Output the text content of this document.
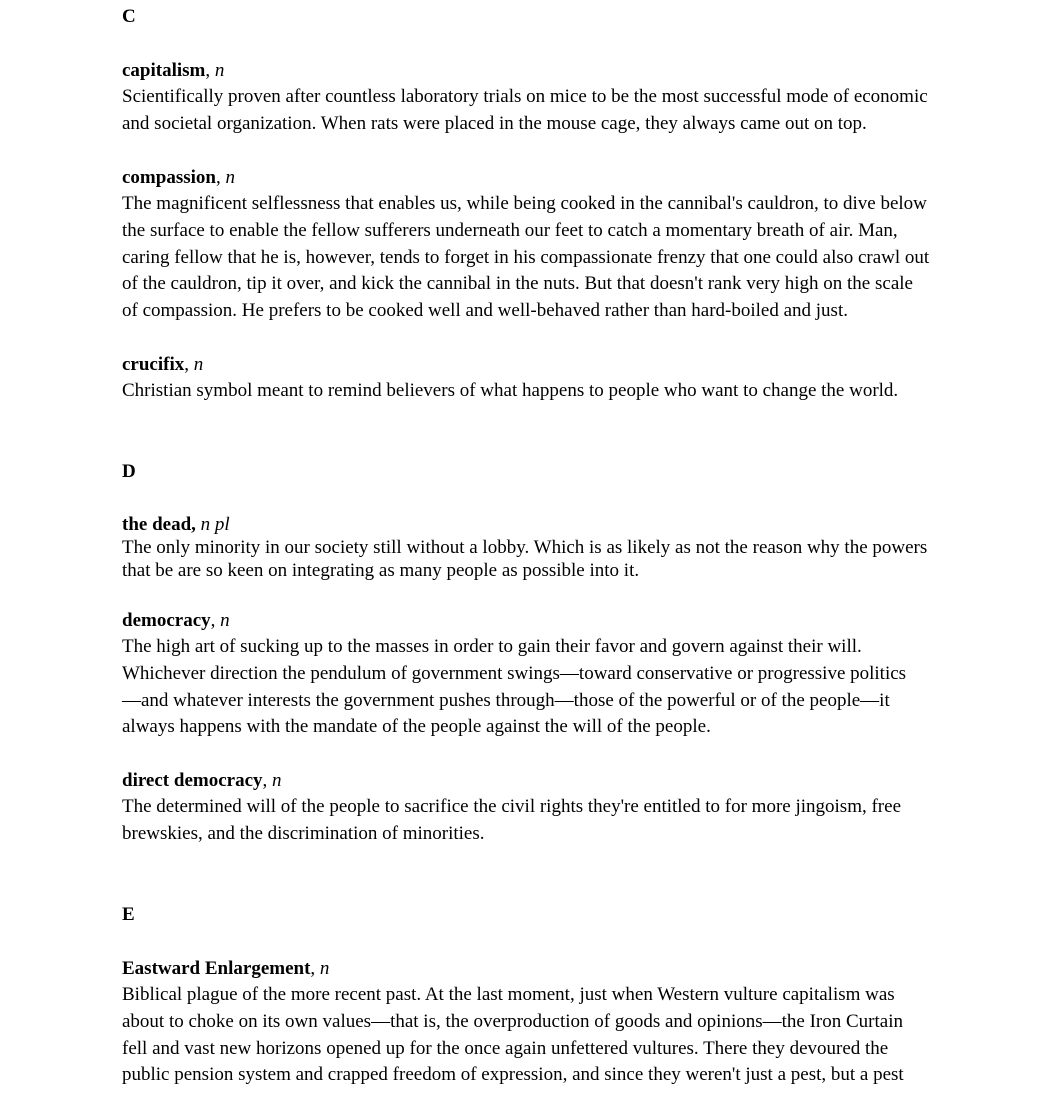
C
capitalism, n
Scientifically proven after countless laboratory trials on mice to be the most successful mode of economic
and societal organization. When rats were placed in the mouse cage, they always came out on top.
compassion, n
The magnificent selflessness that enables us, while being cooked in the cannibal's cauldron, to dive below
the surface to enable the fellow sufferers underneath our feet to catch a momentary breath of air. Man,
caring fellow that he is, however, tends to forget in his compassionate frenzy that one could also crawl out
of the cauldron, tip it over, and kick the cannibal in the nuts. But that doesn't rank very high on the scale
of compassion. He prefers to be cooked well and well-behaved rather than hard-boiled and just.
crucifix, n
Christian symbol meant to remind believers of what happens to people who want to change the world.
D
the dead, n pl
The only minority in our society still without a lobby. Which is as likely as not the reason why the powers
that be are so keen on integrating as many people as possible into it.
democracy, n
The high art of sucking up to the masses in order to gain their favor and govern against their will.
Whichever direction the pendulum of government swings—toward conservative or progressive politics
—and whatever interests the government pushes through—those of the powerful or of the people—it
always happens with the mandate of the people against the will of the people.
direct democracy, n
The determined will of the people to sacrifice the civil rights they're entitled to for more jingoism, free
brewskies, and the discrimination of minorities.
E
Eastward Enlargement, n
Biblical plague of the more recent past. At the last moment, just when Western vulture capitalism was
about to choke on its own values—that is, the overproduction of goods and opinions—the Iron Curtain
fell and vast new horizons opened up for the once again unfettered vultures. There they devoured the
public pension system and crapped freedom of expression, and since they weren't just a pest, but a pest
